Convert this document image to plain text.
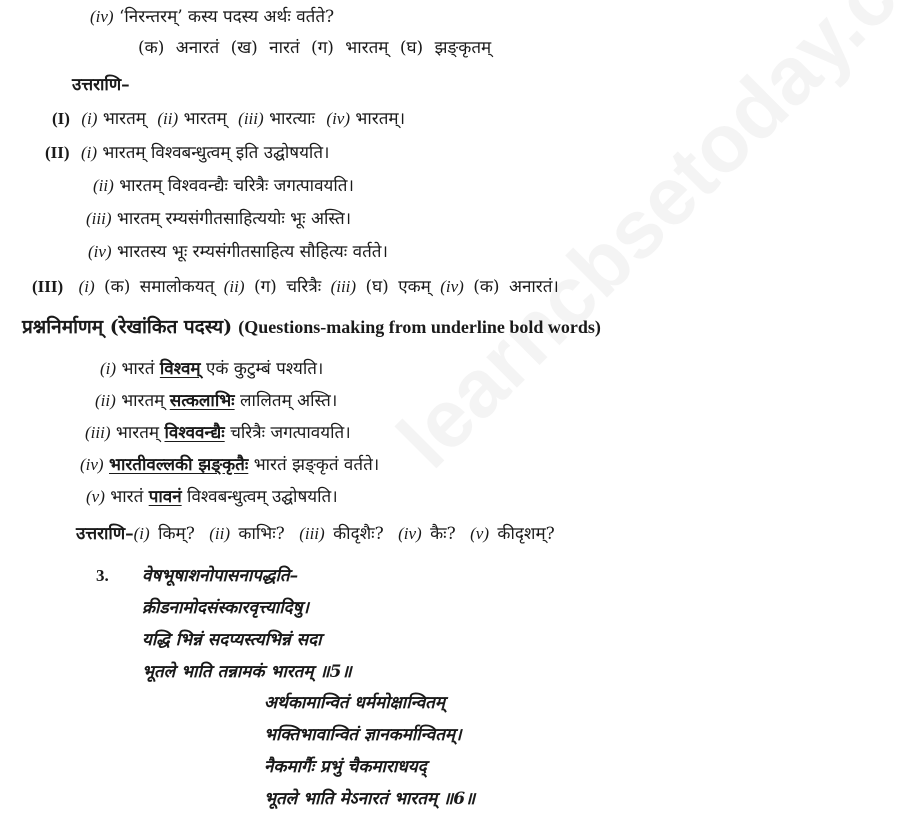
(iv) ‘निरन्तरम्’ कस्य पदस्य अर्थः वर्तते?
(क) अनारतं (ख) नारतं (ग) भारतम् (घ) झङ्कृतम्
उत्तराणि–
(I) (i) भारतम् (ii) भारतम् (iii) भारत्याः (iv) भारतम्।
(II) (i) भारतम् विश्वबन्धुत्वम् इति उद्घोषयति।
(ii) भारतम् विश्ववन्द्यैः चरित्रैः जगत्पावयति।
(iii) भारतम् रम्यसंगीतसाहित्ययोः भूः अस्ति।
(iv) भारतस्य भूः रम्यसंगीतसाहित्य सौहित्यः वर्तते।
(III) (i) (क) समालोकयत् (ii) (ग) चरित्रैः (iii) (घ) एकम् (iv) (क) अनारतं।
प्रश्ननिर्माणम् (रेखांकित पदस्य) (Questions-making from underline bold words)
(i) भारतं विश्वम् एकं कुटुम्बं पश्यति।
(ii) भारतम् सत्कलाभिः लालितम् अस्ति।
(iii) भारतम् विश्ववन्द्यैः चरित्रैः जगत्पावयति।
(iv) भारतीवल्लकी झङ्कृतैः भारतं झङ्कृतं वर्तते।
(v) भारतं पावनं विश्वबन्धुत्वम् उद्घोषयति।
उत्तराणि–(i) किम्? (ii) काभिः? (iii) कीदृशैः? (iv) कैः? (v) कीदृशम्?
3. वेषभूषाशनोपासनापद्धति–
क्रीडनामोदसंस्कारवृत्त्यादिषु।
यद्धि भिन्नं सदप्यस्त्यभिन्नं सदा
भूतले भाति तन्नामकं भारतम् ॥5॥
अर्थकामान्वितं धर्ममोक्षान्वितम्
भक्तिभावान्वितं ज्ञानकर्मान्वितम्।
नैकमार्गैः प्रभुं चैकमाराधयद्
भूतले भाति मेऽनारतं भारतम् ॥6॥
